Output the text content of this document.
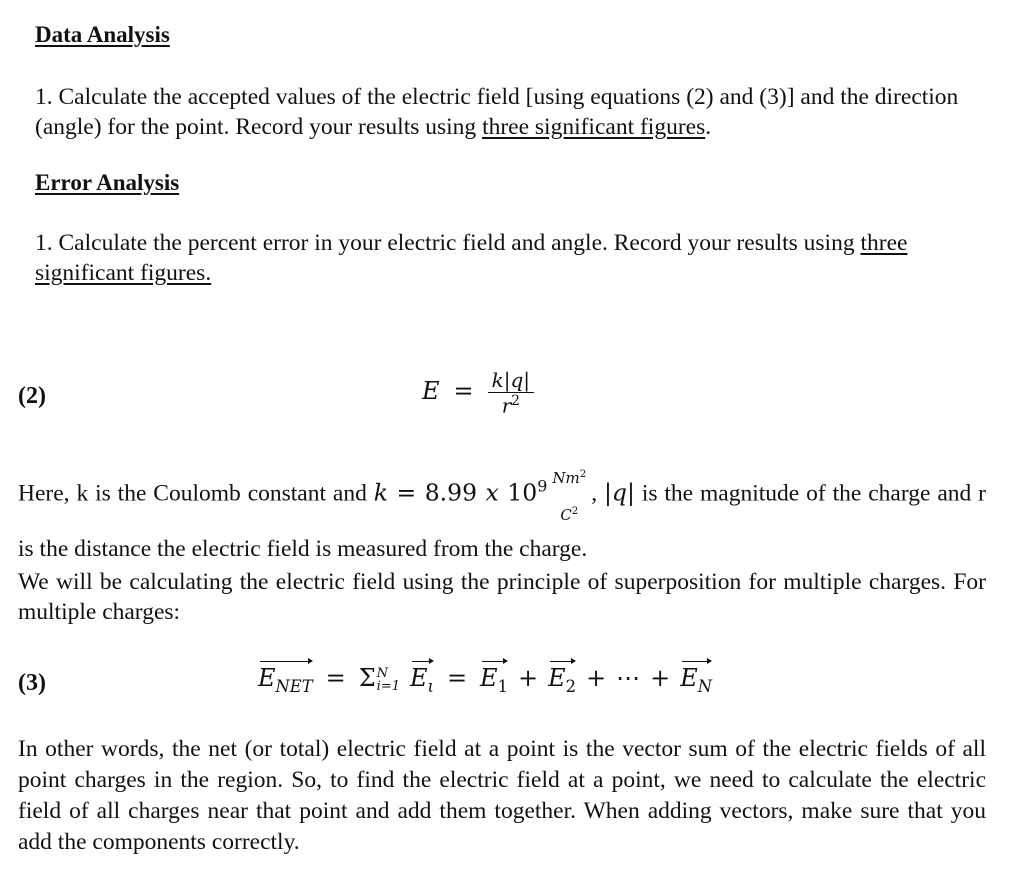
Data Analysis
1. Calculate the accepted values of the electric field [using equations (2) and (3)] and the direction (angle) for the point. Record your results using three significant figures.
Error Analysis
1. Calculate the percent error in your electric field and angle. Record your results using three significant figures.
(2)	$E = \frac{k|q|}{r^2}$
Here, k is the Coulomb constant and k = 8.99 x $10^9$ Nm$^2$
$C^2$
, |q| is the magnitude of the charge and r is the distance the electric field is measured from the charge.
We will be calculating the electric field using the principle of superposition for multiple charges. For multiple charges:
(3)	$E_{NET} = \Sigma$ N
i=1 $E_\iota = E_1 + E_2$ + ⋯ + $E_N$
In other words, the net (or total) electric field at a point is the vector sum of the electric fields of all point charges in the region. So, to find the electric field at a point, we need to calculate the electric field of all charges near that point and add them together. When adding vectors, make sure that you add the components correctly.
